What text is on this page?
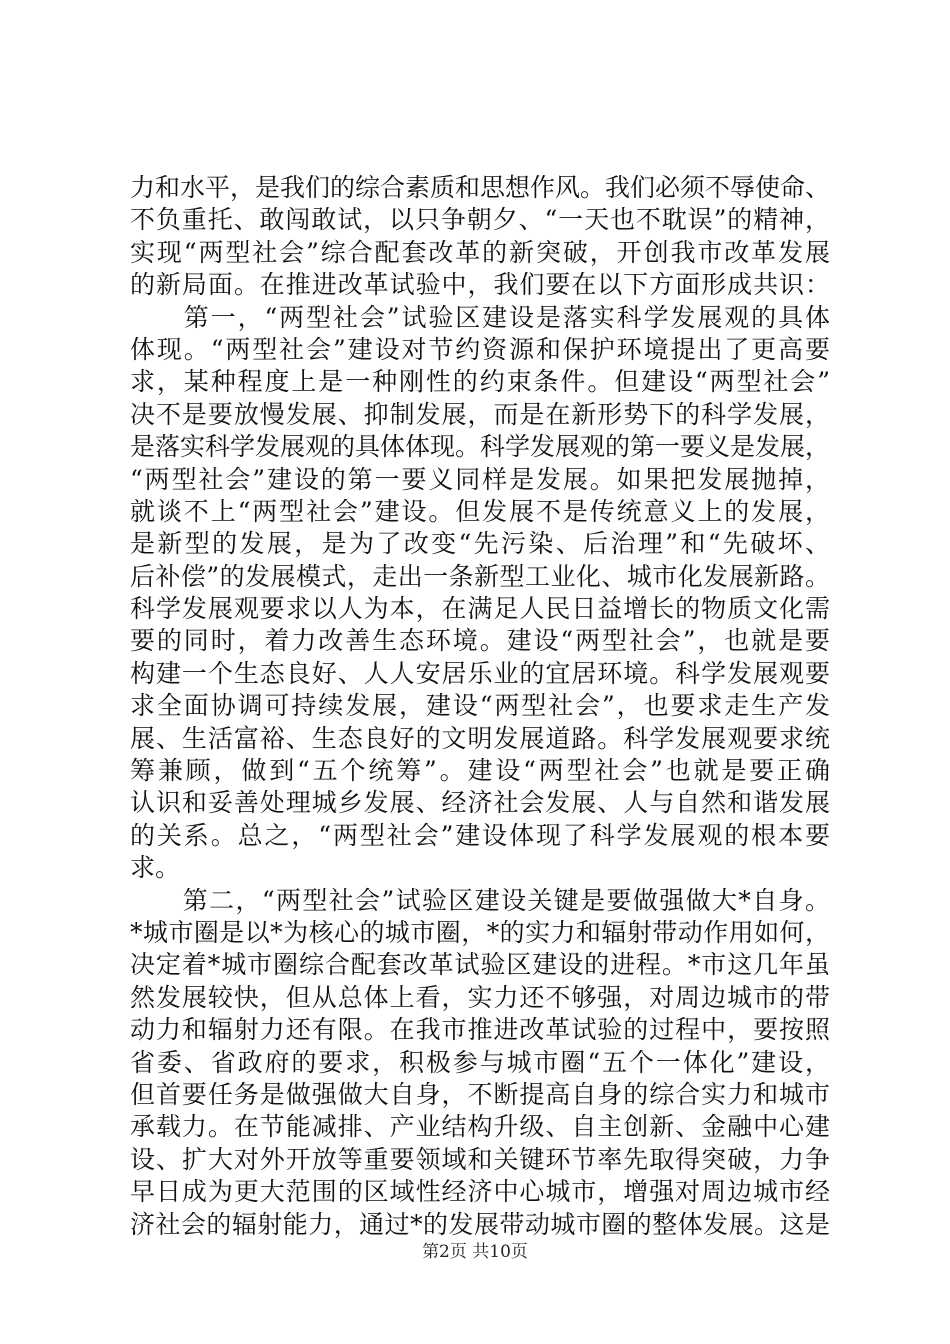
力和水平，是我们的综合素质和思想作风。我们必须不辱使命、
不负重托、敢闯敢试，以只争朝夕、“一天也不耽误”的精神，
实现“两型社会”综合配套改革的新突破，开创我市改革发展
的新局面。在推进改革试验中，我们要在以下方面形成共识：
　　第一，“两型社会”试验区建设是落实科学发展观的具体
体现。“两型社会”建设对节约资源和保护环境提出了更高要
求，某种程度上是一种刚性的约束条件。但建设“两型社会”
决不是要放慢发展、抑制发展，而是在新形势下的科学发展，
是落实科学发展观的具体体现。科学发展观的第一要义是发展，
“两型社会”建设的第一要义同样是发展。如果把发展抛掉，
就谈不上“两型社会”建设。但发展不是传统意义上的发展，
是新型的发展，是为了改变“先污染、后治理”和“先破坏、
后补偿”的发展模式，走出一条新型工业化、城市化发展新路。
科学发展观要求以人为本，在满足人民日益增长的物质文化需
要的同时，着力改善生态环境。建设“两型社会”，也就是要
构建一个生态良好、人人安居乐业的宜居环境。科学发展观要
求全面协调可持续发展，建设“两型社会”，也要求走生产发
展、生活富裕、生态良好的文明发展道路。科学发展观要求统
筹兼顾，做到“五个统筹”。建设“两型社会”也就是要正确
认识和妥善处理城乡发展、经济社会发展、人与自然和谐发展
的关系。总之，“两型社会”建设体现了科学发展观的根本要
求。
　　第二，“两型社会”试验区建设关键是要做强做大*自身。
*城市圈是以*为核心的城市圈，*的实力和辐射带动作用如何，
决定着*城市圈综合配套改革试验区建设的进程。*市这几年虽
然发展较快，但从总体上看，实力还不够强，对周边城市的带
动力和辐射力还有限。在我市推进改革试验的过程中，要按照
省委、省政府的要求，积极参与城市圈“五个一体化”建设，
但首要任务是做强做大自身，不断提高自身的综合实力和城市
承载力。在节能减排、产业结构升级、自主创新、金融中心建
设、扩大对外开放等重要领域和关键环节率先取得突破，力争
早日成为更大范围的区域性经济中心城市，增强对周边城市经
济社会的辐射能力，通过*的发展带动城市圈的整体发展。这是
第2页 共10页
